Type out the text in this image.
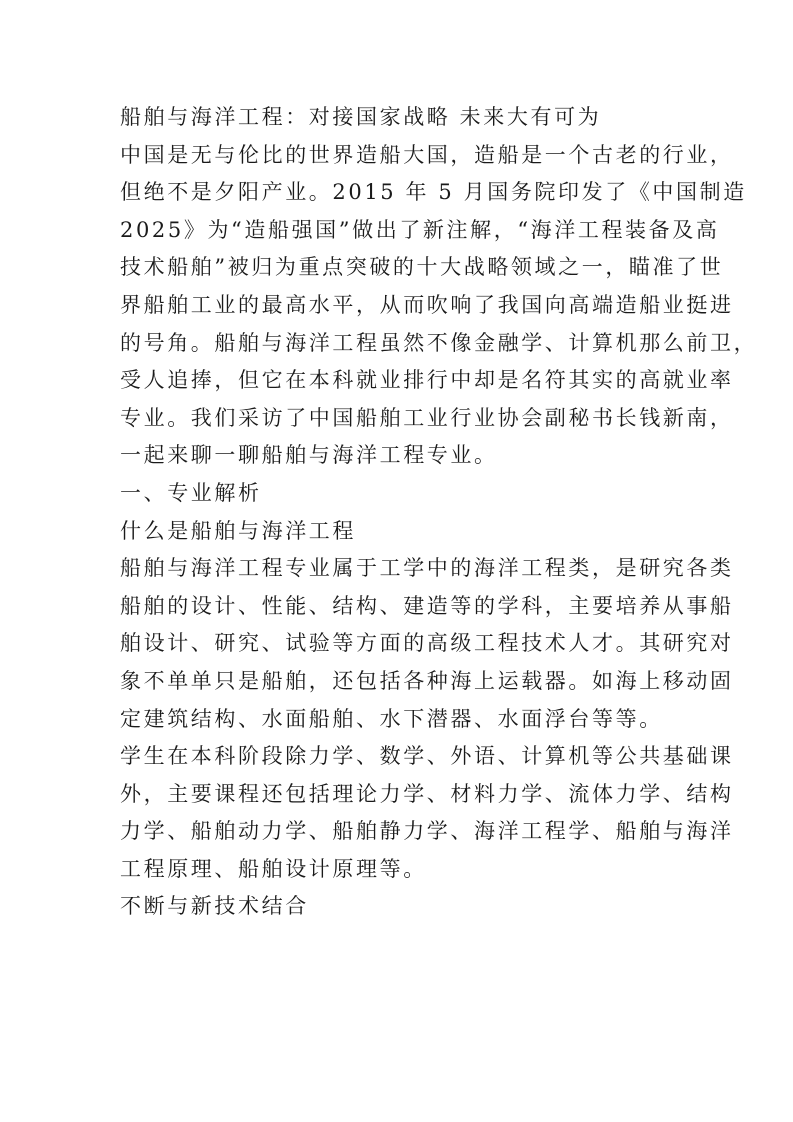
船舶与海洋工程：对接国家战略 未来大有可为
中国是无与伦比的世界造船大国，造船是一个古老的行业，
但绝不是夕阳产业。2015 年 5 月国务院印发了《中国制造
2025》为“造船强国”做出了新注解，“海洋工程装备及高
技术船舶”被归为重点突破的十大战略领域之一，瞄准了世
界船舶工业的最高水平，从而吹响了我国向高端造船业挺进
的号角。船舶与海洋工程虽然不像金融学、计算机那么前卫，
受人追捧，但它在本科就业排行中却是名符其实的高就业率
专业。我们采访了中国船舶工业行业协会副秘书长钱新南，
一起来聊一聊船舶与海洋工程专业。
一、专业解析
什么是船舶与海洋工程
船舶与海洋工程专业属于工学中的海洋工程类，是研究各类
船舶的设计、性能、结构、建造等的学科，主要培养从事船
舶设计、研究、试验等方面的高级工程技术人才。其研究对
象不单单只是船舶，还包括各种海上运载器。如海上移动固
定建筑结构、水面船舶、水下潜器、水面浮台等等。
学生在本科阶段除力学、数学、外语、计算机等公共基础课
外，主要课程还包括理论力学、材料力学、流体力学、结构
力学、船舶动力学、船舶静力学、海洋工程学、船舶与海洋
工程原理、船舶设计原理等。
不断与新技术结合
